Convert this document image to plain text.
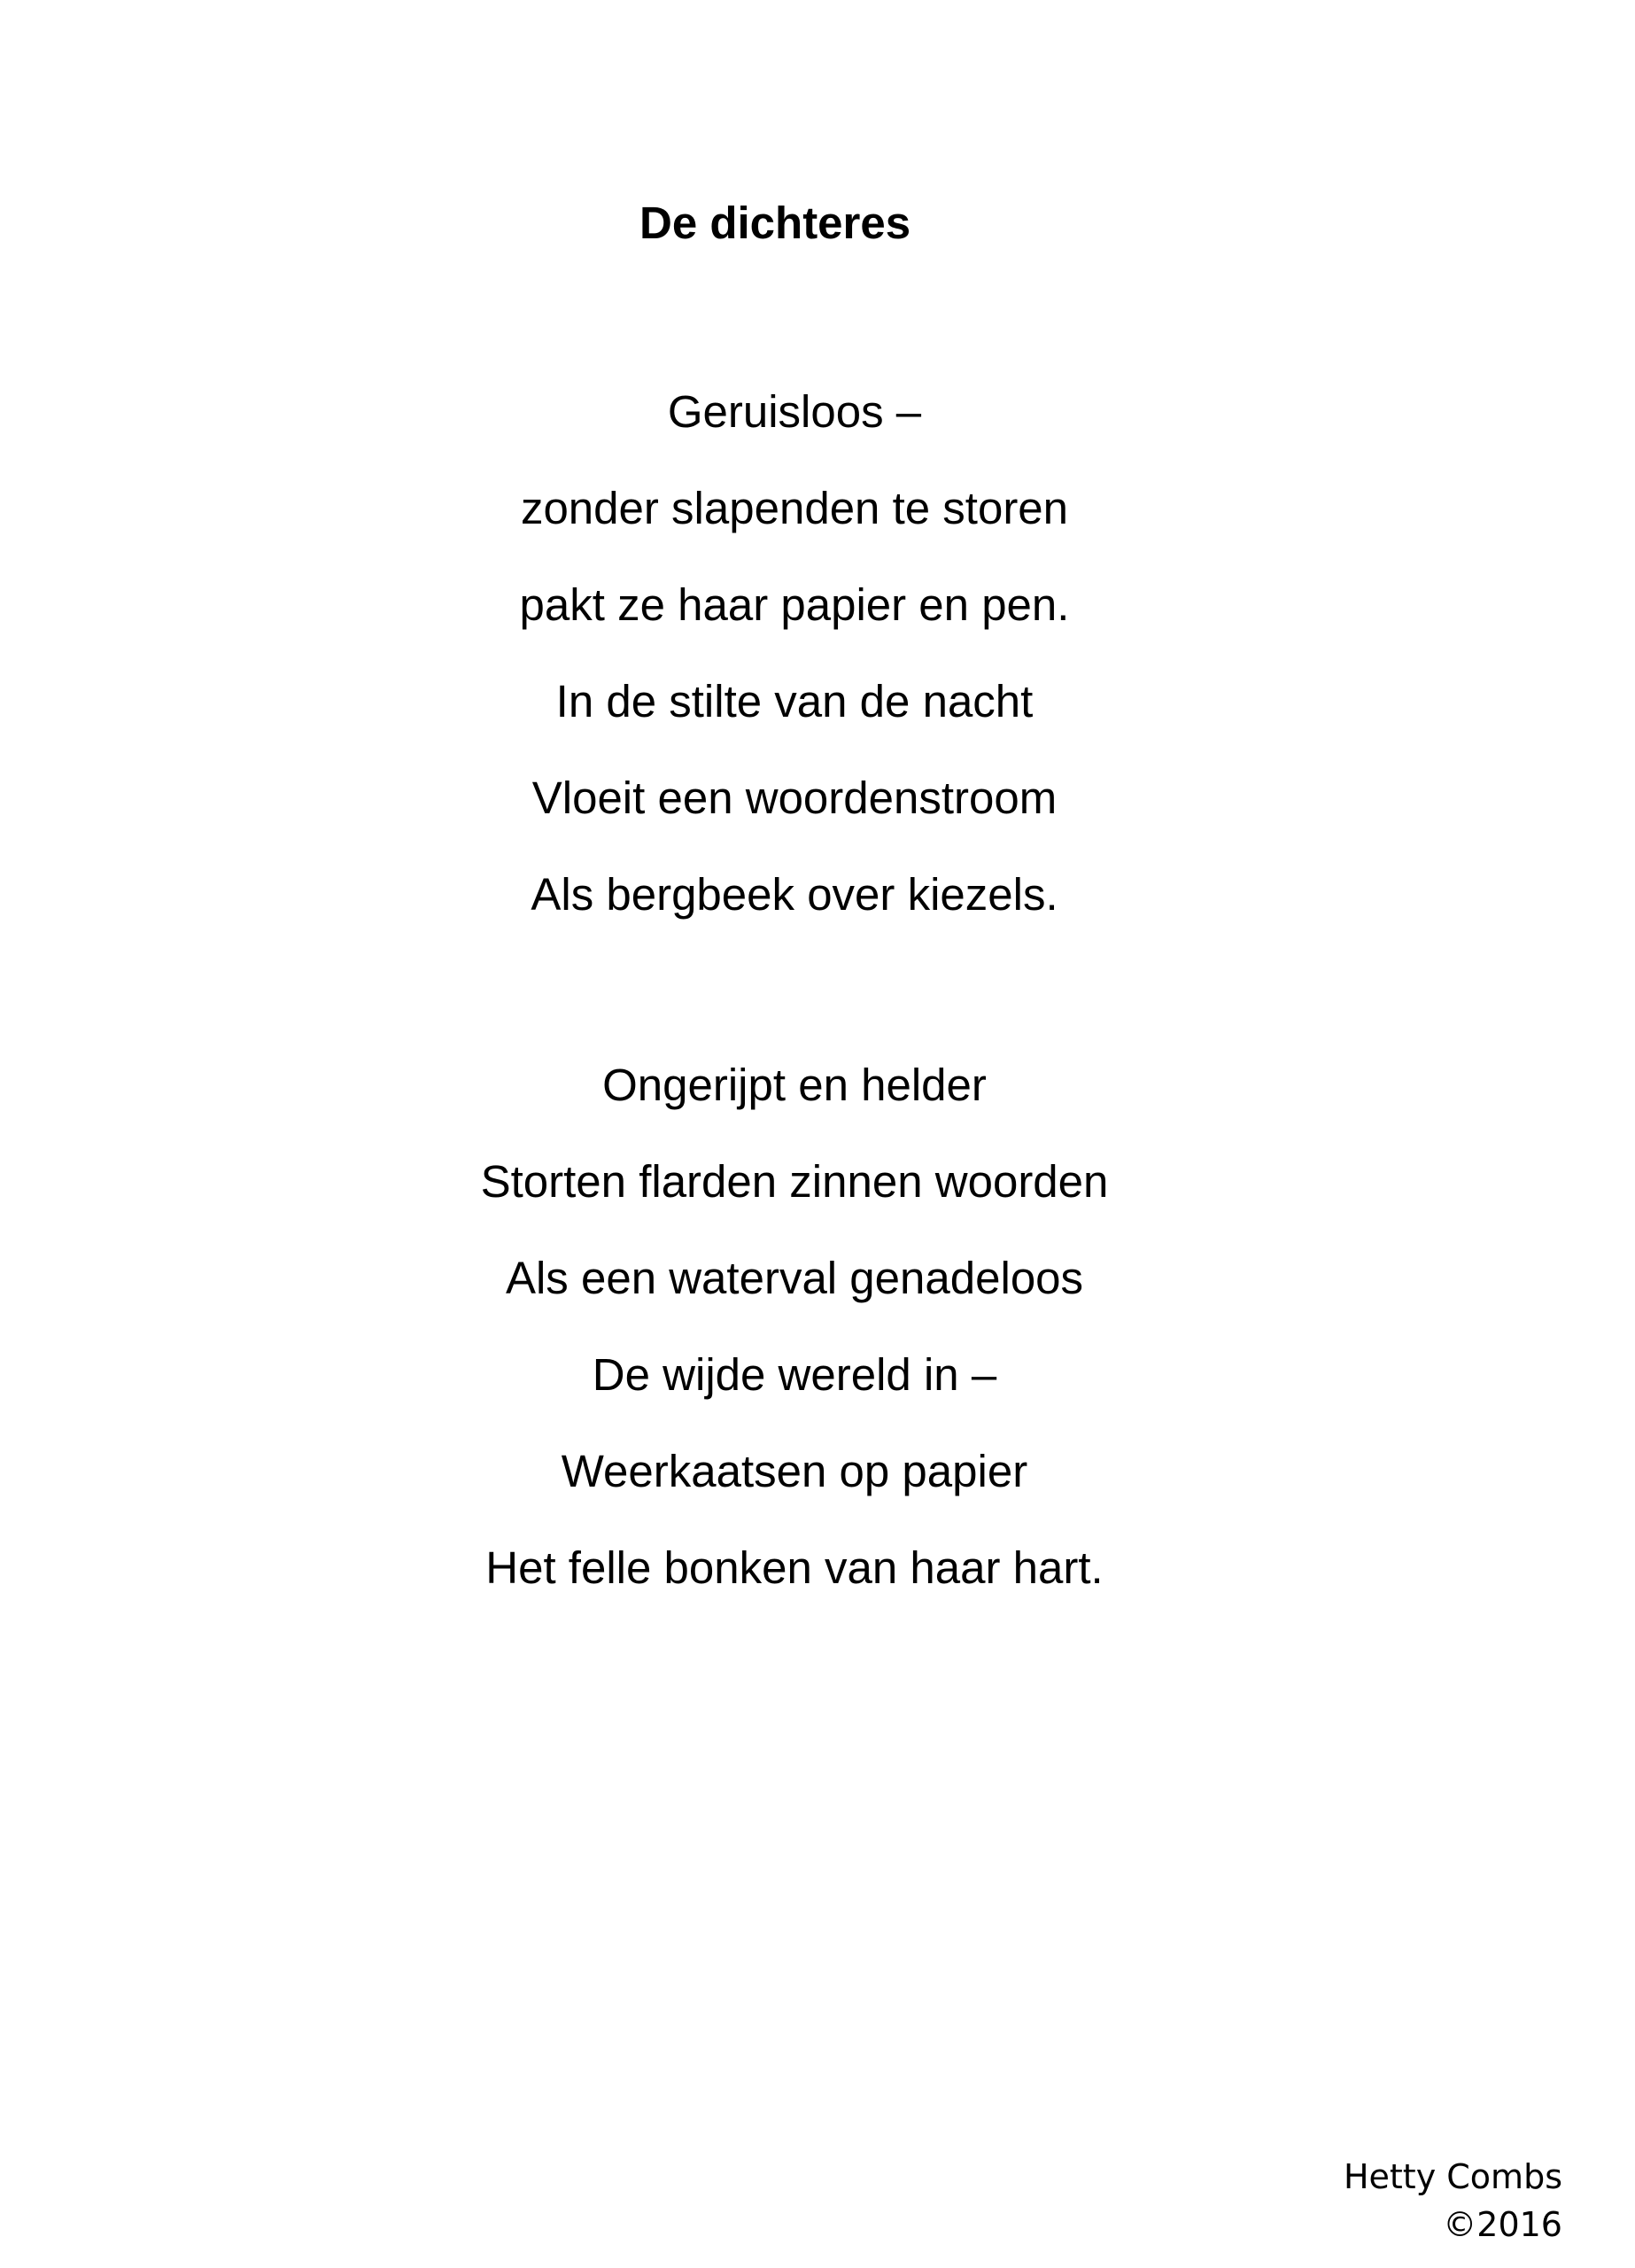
De dichteres
Geruisloos –
zonder slapenden te storen
pakt ze haar papier en pen.
In de stilte van de nacht
Vloeit een woordenstroom
Als bergbeek over kiezels.
Ongerijpt en helder
Storten flarden zinnen woorden
Als een waterval genadeloos
De wijde wereld in –
Weerkaatsen op papier
Het felle bonken van haar hart.
Hetty Combs
©2016
